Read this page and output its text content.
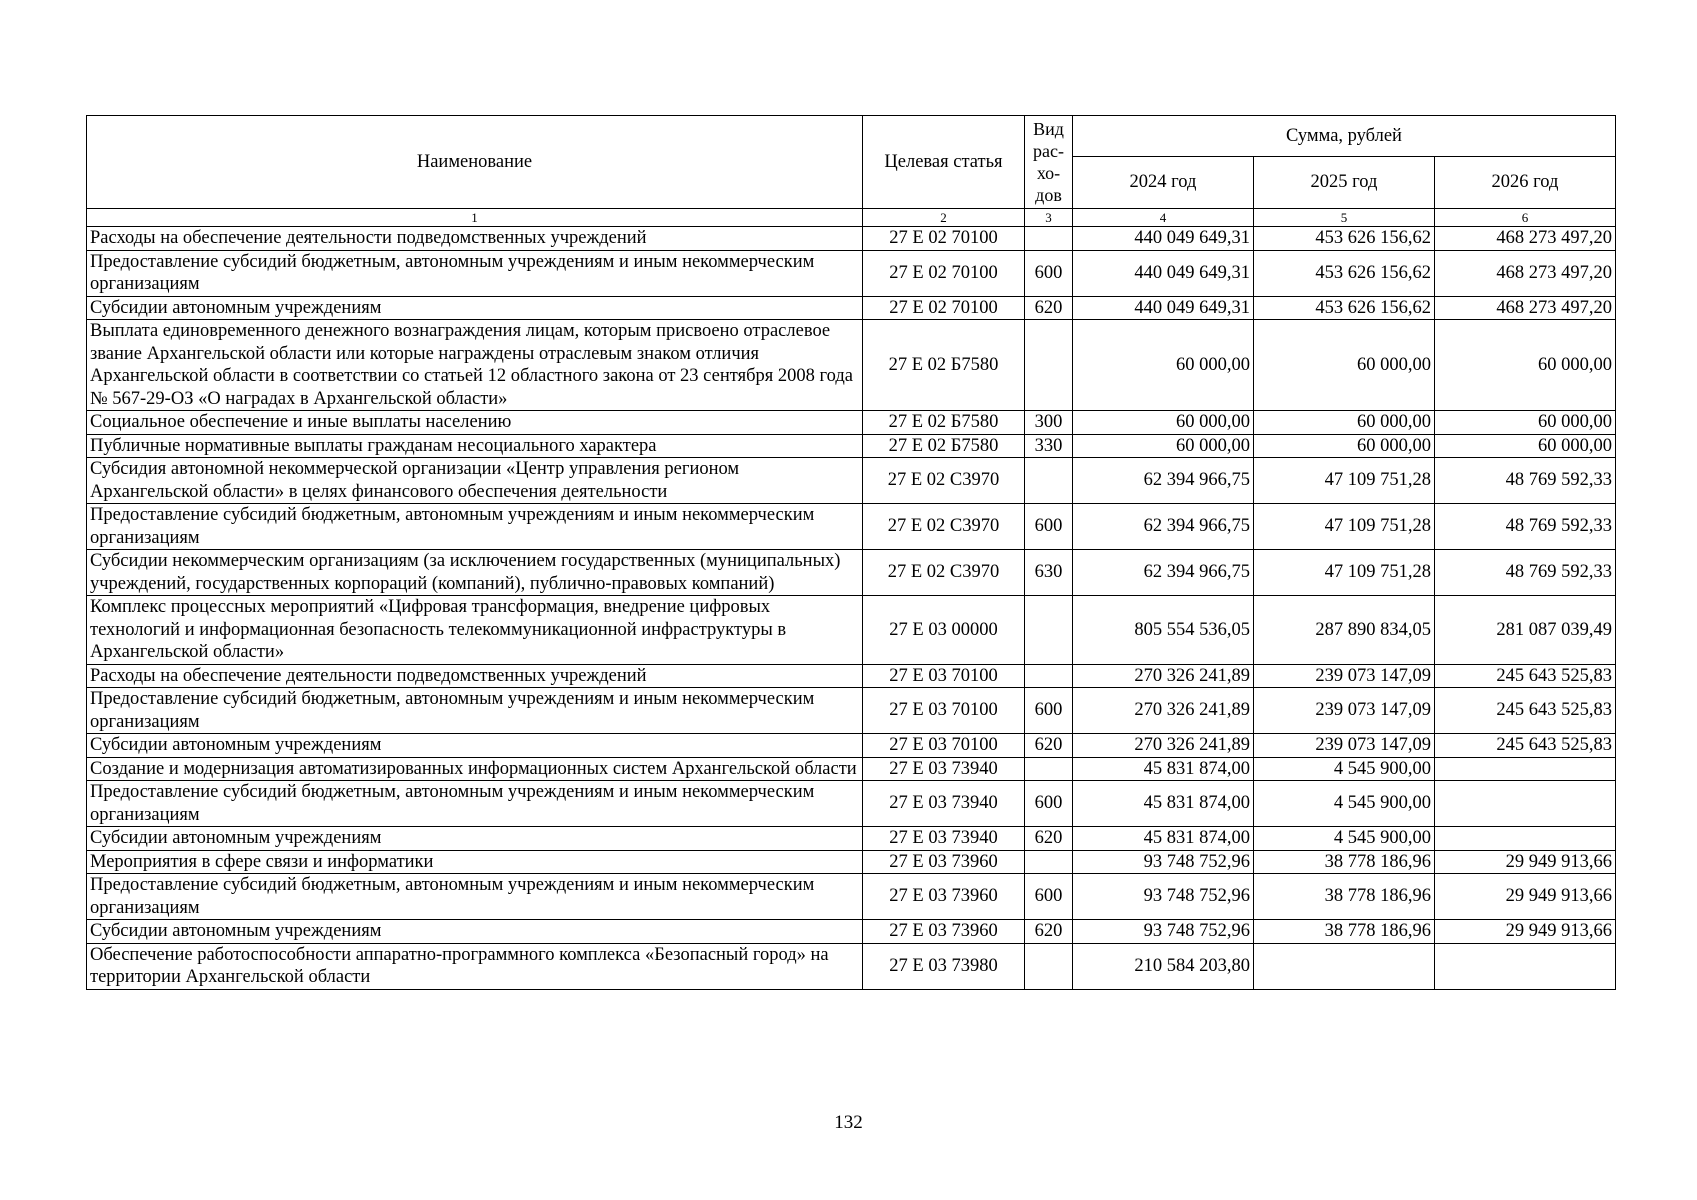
Наименование	Целевая статья	Вид рас-хо-дов	Сумма, рублей		
			2024 год	2025 год	2026 год
1	2	3	4	5	6
Расходы на обеспечение деятельности подведомственных учреждений	27 Е 02 70100		440 049 649,31	453 626 156,62	468 273 497,20
Предоставление субсидий бюджетным, автономным учреждениям и иным некоммерческим организациям	27 Е 02 70100	600	440 049 649,31	453 626 156,62	468 273 497,20
Субсидии автономным учреждениям	27 Е 02 70100	620	440 049 649,31	453 626 156,62	468 273 497,20
Выплата единовременного денежного вознаграждения лицам, которым присвоено отраслевое звание Архангельской области или которые награждены отраслевым знаком отличия Архангельской области в соответствии со статьей 12 областного закона от 23 сентября 2008 года № 567-29-ОЗ «О наградах в Архангельской области»	27 Е 02 Б7580		60 000,00	60 000,00	60 000,00
Социальное обеспечение и иные выплаты населению	27 Е 02 Б7580	300	60 000,00	60 000,00	60 000,00
Публичные нормативные выплаты гражданам несоциального характера	27 Е 02 Б7580	330	60 000,00	60 000,00	60 000,00
Субсидия автономной некоммерческой организации «Центр управления регионом Архангельской области» в целях финансового обеспечения деятельности	27 Е 02 С3970		62 394 966,75	47 109 751,28	48 769 592,33
Предоставление субсидий бюджетным, автономным учреждениям и иным некоммерческим организациям	27 Е 02 С3970	600	62 394 966,75	47 109 751,28	48 769 592,33
Субсидии некоммерческим организациям (за исключением государственных (муниципальных) учреждений, государственных корпораций (компаний), публично-правовых компаний)	27 Е 02 С3970	630	62 394 966,75	47 109 751,28	48 769 592,33
Комплекс процессных мероприятий «Цифровая трансформация, внедрение цифровых технологий и информационная безопасность телекоммуникационной инфраструктуры в Архангельской области»	27 Е 03 00000		805 554 536,05	287 890 834,05	281 087 039,49
Расходы на обеспечение деятельности подведомственных учреждений	27 Е 03 70100		270 326 241,89	239 073 147,09	245 643 525,83
Предоставление субсидий бюджетным, автономным учреждениям и иным некоммерческим организациям	27 Е 03 70100	600	270 326 241,89	239 073 147,09	245 643 525,83
Субсидии автономным учреждениям	27 Е 03 70100	620	270 326 241,89	239 073 147,09	245 643 525,83
Создание и модернизация автоматизированных информационных систем Архангельской области	27 Е 03 73940		45 831 874,00	4 545 900,00	
Предоставление субсидий бюджетным, автономным учреждениям и иным некоммерческим организациям	27 Е 03 73940	600	45 831 874,00	4 545 900,00	
Субсидии автономным учреждениям	27 Е 03 73940	620	45 831 874,00	4 545 900,00	
Мероприятия в сфере связи и информатики	27 Е 03 73960		93 748 752,96	38 778 186,96	29 949 913,66
Предоставление субсидий бюджетным, автономным учреждениям и иным некоммерческим организациям	27 Е 03 73960	600	93 748 752,96	38 778 186,96	29 949 913,66
Субсидии автономным учреждениям	27 Е 03 73960	620	93 748 752,96	38 778 186,96	29 949 913,66
Обеспечение работоспособности аппаратно-программного комплекса «Безопасный город» на территории Архангельской области	27 Е 03 73980		210 584 203,80		
132
